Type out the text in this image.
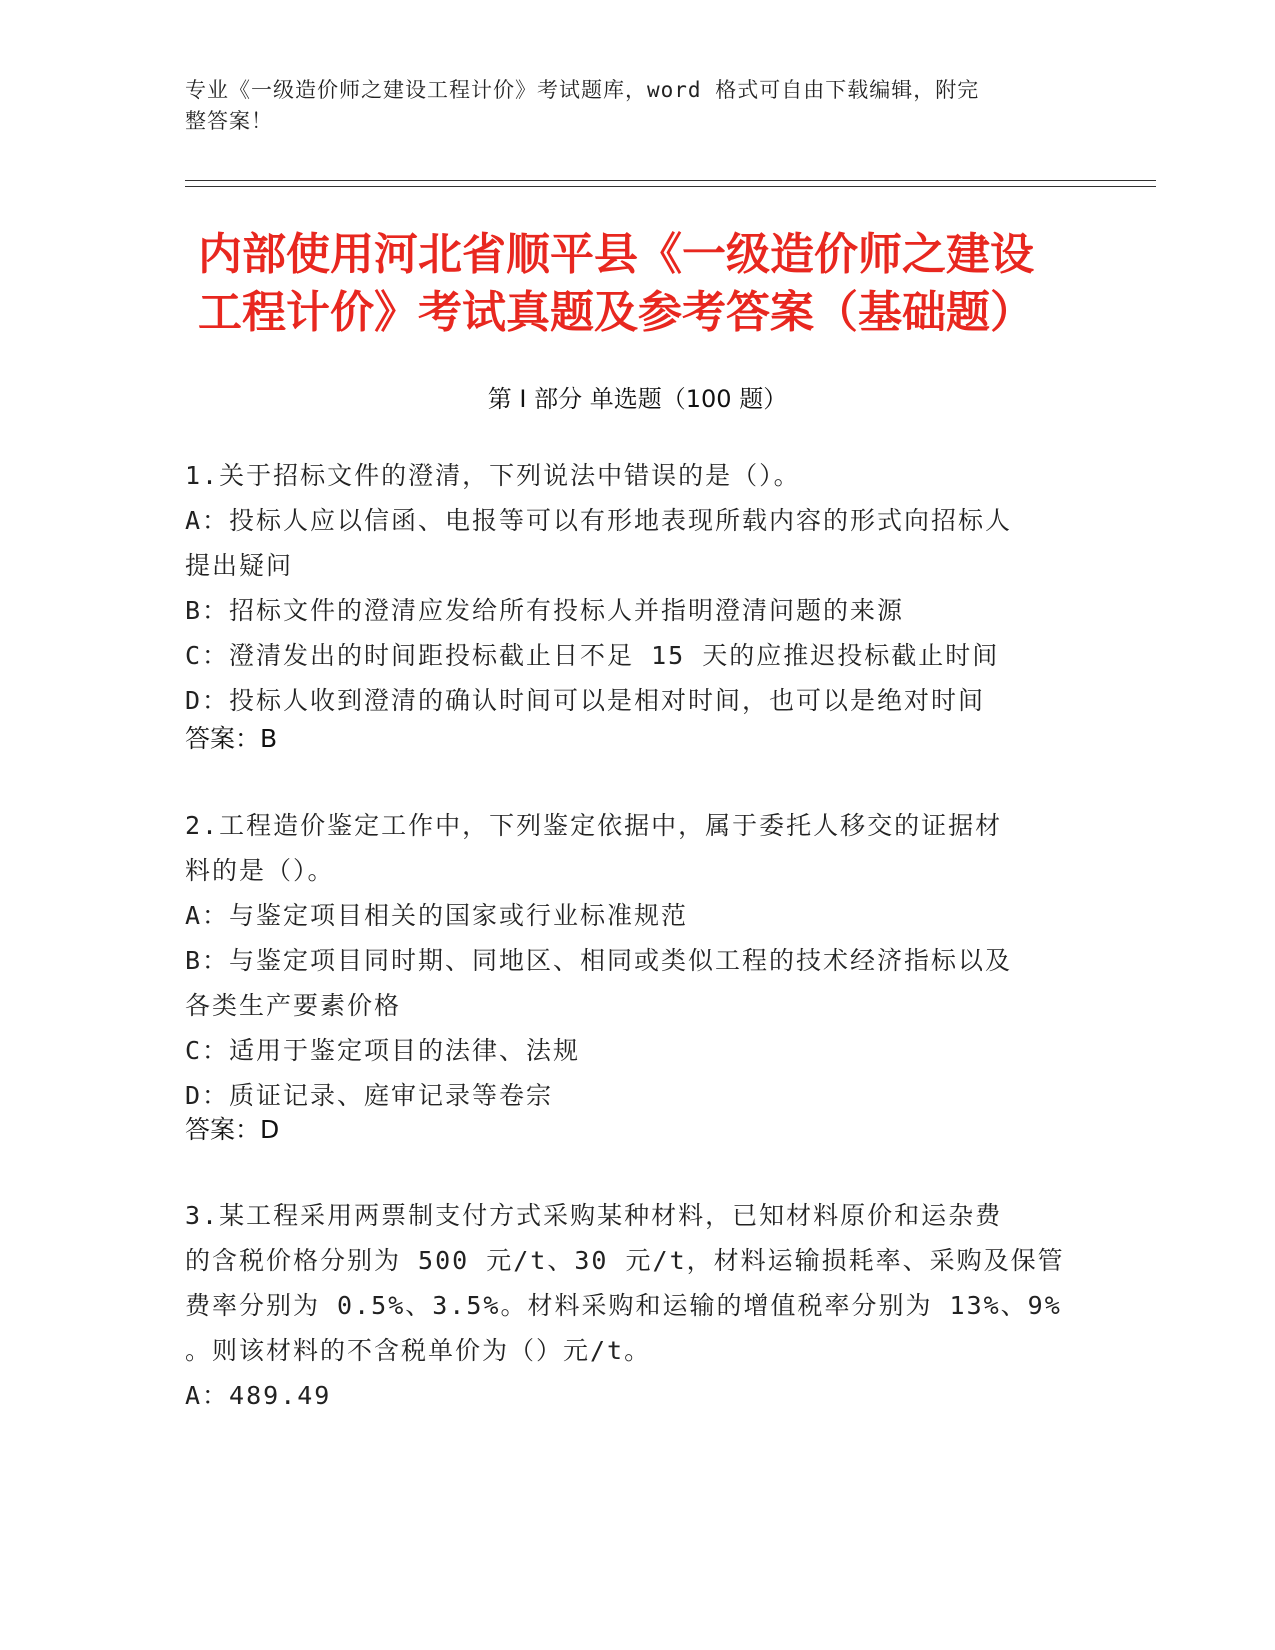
专业《一级造价师之建设工程计价》考试题库，word 格式可自由下载编辑，附完
整答案！
内部使用河北省顺平县《一级造价师之建设
工程计价》考试真题及参考答案（基础题）
第 I 部分 单选题（100 题）
1.关于招标文件的澄清，下列说法中错误的是（）。
A：投标人应以信函、电报等可以有形地表现所载内容的形式向招标人
提出疑问
B：招标文件的澄清应发给所有投标人并指明澄清问题的来源
C：澄清发出的时间距投标截止日不足 15 天的应推迟投标截止时间
D：投标人收到澄清的确认时间可以是相对时间，也可以是绝对时间
答案：B
2.工程造价鉴定工作中，下列鉴定依据中，属于委托人移交的证据材
料的是（）。
A：与鉴定项目相关的国家或行业标准规范
B：与鉴定项目同时期、同地区、相同或类似工程的技术经济指标以及
各类生产要素价格
C：适用于鉴定项目的法律、法规
D：质证记录、庭审记录等卷宗
答案：D
3.某工程采用两票制支付方式采购某种材料，已知材料原价和运杂费
的含税价格分别为 500 元/t、30 元/t，材料运输损耗率、采购及保管
费率分别为 0.5%、3.5%。材料采购和运输的增值税率分别为 13%、9%
。则该材料的不含税单价为（）元/t。
A：489.49
